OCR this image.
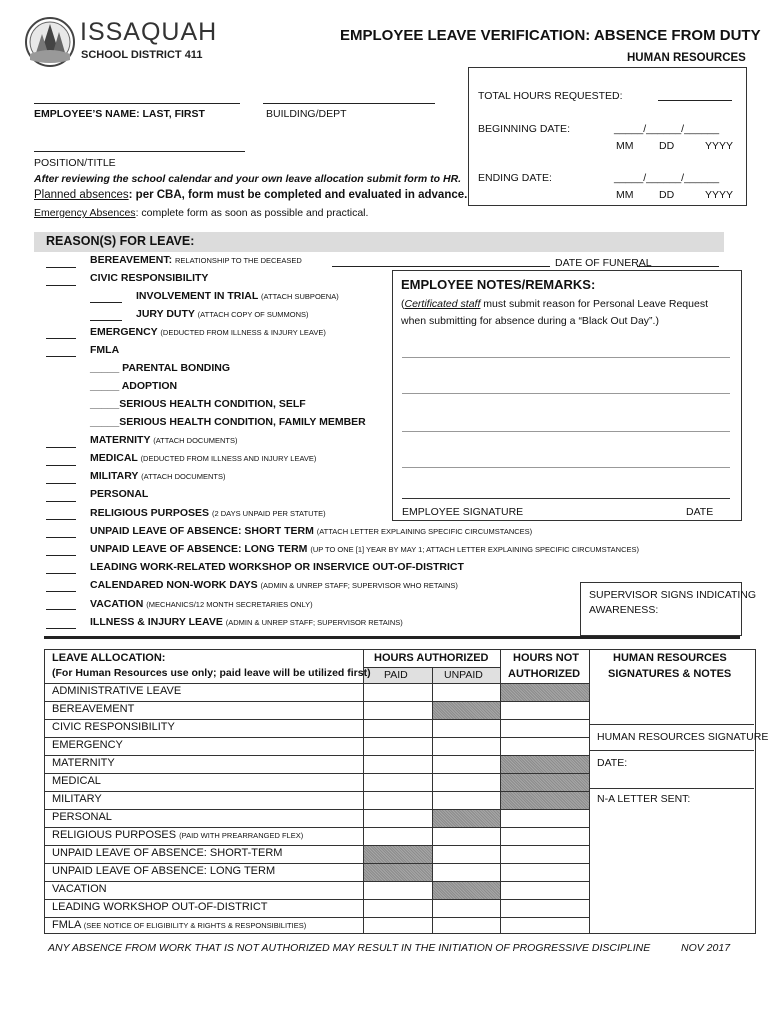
ISSAQUAH
SCHOOL DISTRICT 411
EMPLOYEE LEAVE VERIFICATION: ABSENCE FROM DUTY
HUMAN RESOURCES
EMPLOYEE’S NAME: LAST, FIRST	BUILDING/DEPT
POSITION/TITLE
After reviewing the school calendar and your own leave allocation submit form to HR.
Planned absences: per CBA, form must be completed and evaluated in advance.
Emergency Absences: complete form as soon as possible and practical.
TOTAL HOURS REQUESTED:
BEGINNING DATE:	_____/______/______
MM DD	YYYY
ENDING DATE:	_____/______/______
MM DD	YYYY
REASON(S) FOR LEAVE:
BEREAVEMENT: RELATIONSHIP TO THE DECEASED	DATE OF FUNERAL
CIVIC RESPONSIBILITY
INVOLVEMENT IN TRIAL (ATTACH SUBPOENA)
JURY DUTY (ATTACH COPY OF SUMMONS)
EMERGENCY (DEDUCTED FROM ILLNESS & INJURY LEAVE)
FMLA
_____ PARENTAL BONDING
_____ ADOPTION
_____SERIOUS HEALTH CONDITION, SELF
_____SERIOUS HEALTH CONDITION, FAMILY MEMBER
MATERNITY (ATTACH DOCUMENTS)
MEDICAL (DEDUCTED FROM ILLNESS AND INJURY LEAVE)
MILITARY (ATTACH DOCUMENTS)
PERSONAL
RELIGIOUS PURPOSES (2 DAYS UNPAID PER STATUTE)
UNPAID LEAVE OF ABSENCE: SHORT TERM (ATTACH LETTER EXPLAINING SPECIFIC CIRCUMSTANCES)
UNPAID LEAVE OF ABSENCE: LONG TERM (UP TO ONE [1] YEAR BY MAY 1; ATTACH LETTER EXPLAINING SPECIFIC CIRCUMSTANCES)
LEADING WORK-RELATED WORKSHOP OR INSERVICE OUT-OF-DISTRICT
CALENDARED NON-WORK DAYS (ADMIN & UNREP STAFF; SUPERVISOR WHO RETAINS)
VACATION (MECHANICS/12 MONTH SECRETARIES ONLY)
ILLNESS & INJURY LEAVE (ADMIN & UNREP STAFF; SUPERVISOR RETAINS)
EMPLOYEE NOTES/REMARKS:
(Certificated staff must submit reason for Personal Leave Request
when submitting for absence during a “Black Out Day”.)
EMPLOYEE SIGNATURE	DATE
SUPERVISOR SIGNS INDICATING
AWARENESS:
LEAVE ALLOCATION:
(For Human Resources use only; paid leave will be utilized first)
HOURS AUTHORIZED
PAID	UNPAID
HOURS NOT
AUTHORIZED
HUMAN RESOURCES
SIGNATURES & NOTES
ADMINISTRATIVE LEAVE
BEREAVEMENT
CIVIC RESPONSIBILITY
EMERGENCY
MATERNITY
MEDICAL
MILITARY
PERSONAL
RELIGIOUS PURPOSES (PAID WITH PREARRANGED FLEX)
UNPAID LEAVE OF ABSENCE: SHORT-TERM
UNPAID LEAVE OF ABSENCE: LONG TERM
VACATION
LEADING WORKSHOP OUT-OF-DISTRICT
FMLA (SEE NOTICE OF ELIGIBILITY & RIGHTS & RESPONSIBILITIES)
HUMAN RESOURCES SIGNATURE
DATE:
N-A LETTER SENT:
ANY ABSENCE FROM WORK THAT IS NOT AUTHORIZED MAY RESULT IN THE INITIATION OF PROGRESSIVE DISCIPLINE	NOV 2017
